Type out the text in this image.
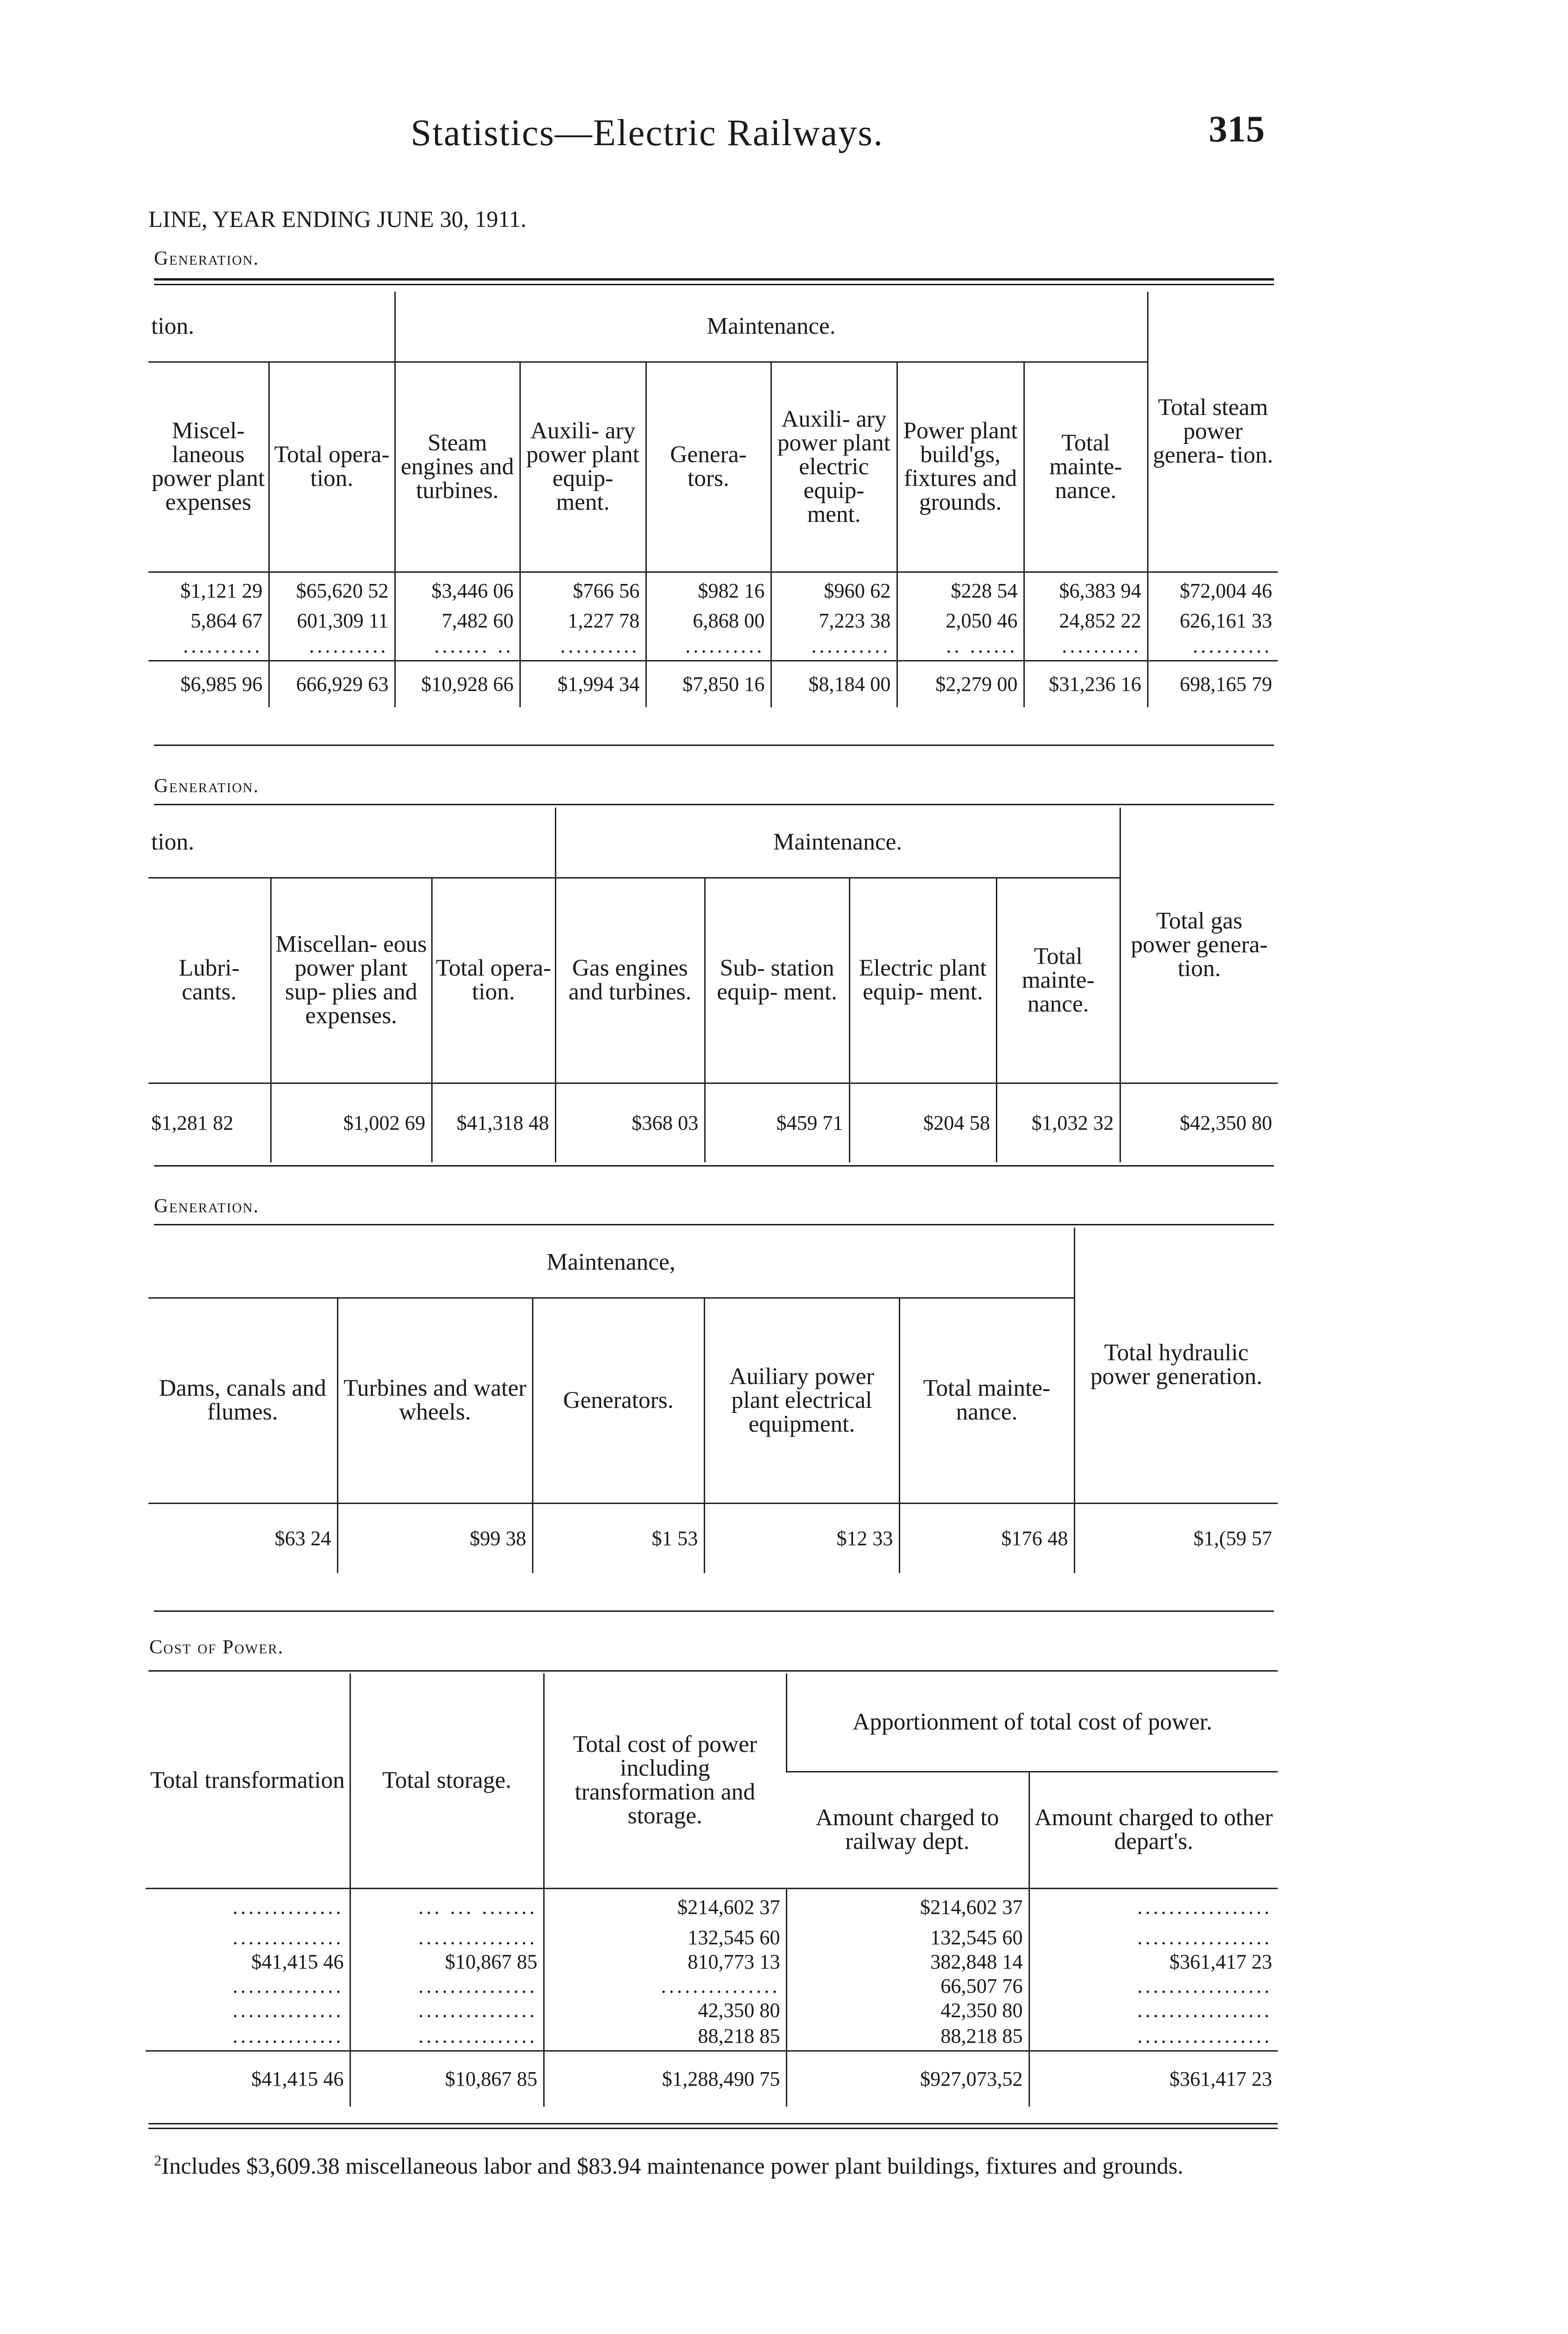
Statistics—Electric Railways.	315
LINE, YEAR ENDING JUNE 30, 1911.
Generation.
tion.		Maintenance.						Total steam power genera- tion.
Miscel- laneous power plant expenses	Total opera- tion.	Steam engines and turbines.	Auxili- ary power plant equip- ment.	Genera- tors.	Auxili- ary power plant electric equip- ment.	Power plant build'gs, fixtures and grounds.	Total mainte- nance.	
$1,121 29	$65,620 52	$3,446 06	$766 56	$982 16	$960 62	$228 54	$6,383 94	$72,004 46
5,864 67	601,309 11	7,482 60	1,227 78	6,868 00	7,223 38	2,050 46	24,852 22	626,161 33
..........	..........	....... ..	..........	..........	..........	.. ......	..........	..........
$6,985 96	666,929 63	$10,928 66	$1,994 34	$7,850 16	$8,184 00	$2,279 00	$31,236 16	698,165 79
Generation.
tion.			Maintenance.				Total gas power genera- tion.
Lubri- cants.	Miscellan- eous power plant sup- plies and expenses.	Total opera- tion.	Gas engines and turbines.	Sub- station equip- ment.	Electric plant equip- ment.	Total mainte- nance.	
$1,281 82	$1,002 69	$41,318 48	$368 03	$459 71	$204 58	$1,032 32	$42,350 80
Generation.
Maintenance,					Total hydraulic power generation.
Dams, canals and flumes.	Turbines and water wheels.	Generators.	Auiliary power plant electrical equipment.	Total mainte- nance.	
$63 24	$99 38	$1 53	$12 33	$176 48	$1,(59 57
Cost of Power.
Total transformation	Total storage.	Total cost of power including transformation and storage.	Apportionment of total cost of power.	
			Amount charged to railway dept.	Amount charged to other depart's.
..............	... ... .......	$214,602 37	$214,602 37	.................
..............	...............	132,545 60	132,545 60	.................
$41,415 46	$10,867 85	810,773 13	382,848 14	$361,417 23
..............	...............	...............	66,507 76	.................
..............	...............	42,350 80	42,350 80	.................
..............	...............	88,218 85	88,218 85	.................
$41,415 46	$10,867 85	$1,288,490 75	$927,073,52	$361,417 23
$^2$Includes $3,609.38 miscellaneous labor and $83.94 maintenance power plant buildings, fixtures and grounds.
